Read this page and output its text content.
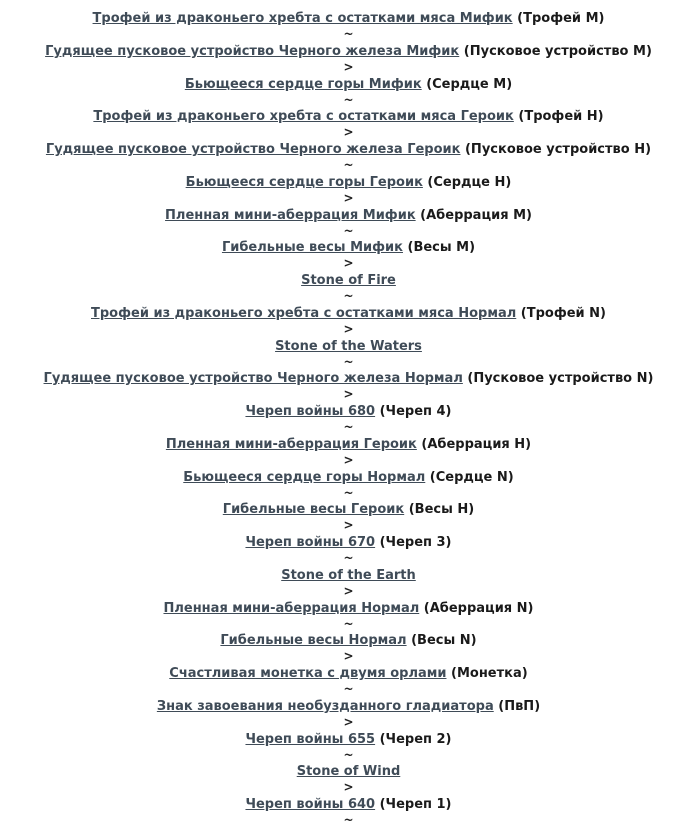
Трофей из драконьего хребта с остатками мяса Мифик (Трофей М)
~
Гудящее пусковое устройство Черного железа Мифик (Пусковое устройство М)
>
Бьющееся сердце горы Мифик (Сердце М)
~
Трофей из драконьего хребта с остатками мяса Героик (Трофей Н)
>
Гудящее пусковое устройство Черного железа Героик (Пусковое устройство Н)
~
Бьющееся сердце горы Героик (Сердце Н)
>
Пленная мини-аберрация Мифик (Аберрация М)
~
Гибельные весы Мифик (Весы М)
>
Stone of Fire
~
Трофей из драконьего хребта с остатками мяса Нормал (Трофей N)
>
Stone of the Waters
~
Гудящее пусковое устройство Черного железа Нормал (Пусковое устройство N)
>
Череп войны 680 (Череп 4)
~
Пленная мини-аберрация Героик (Аберрация Н)
>
Бьющееся сердце горы Нормал (Сердце N)
~
Гибельные весы Героик (Весы Н)
>
Череп войны 670 (Череп 3)
~
Stone of the Earth
>
Пленная мини-аберрация Нормал (Аберрация N)
~
Гибельные весы Нормал (Весы N)
>
Счастливая монетка с двумя орлами (Монетка)
~
Знак завоевания необузданного гладиатора (ПвП)
>
Череп войны 655 (Череп 2)
~
Stone of Wind
>
Череп войны 640 (Череп 1)
~
